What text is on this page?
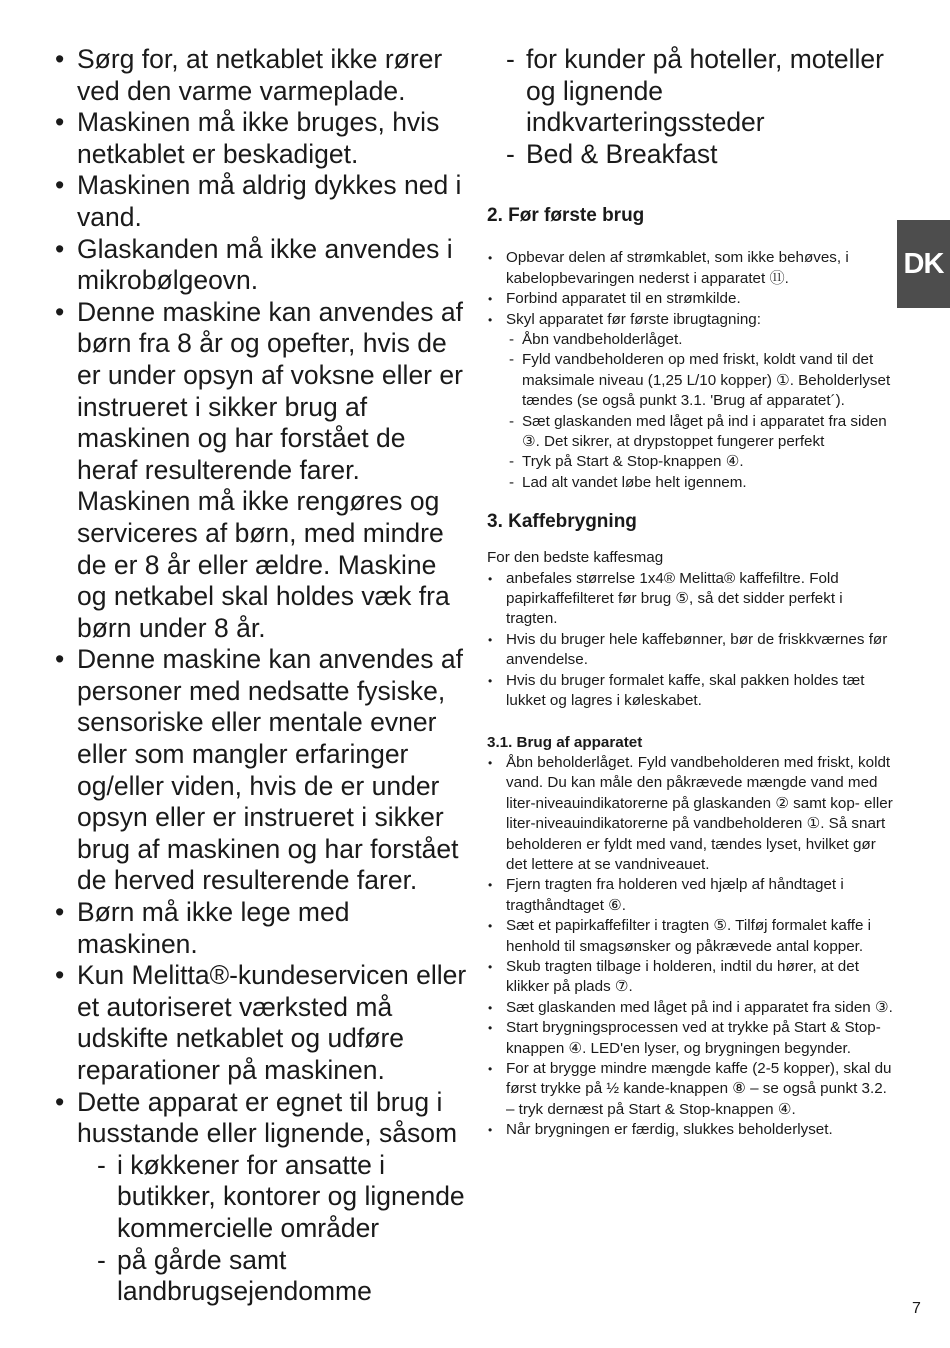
• Sørg for, at netkablet ikke rører ved den varme varmeplade.
• Maskinen må ikke bruges, hvis netkablet er beskadiget.
• Maskinen må aldrig dykkes ned i vand.
• Glaskanden må ikke anvendes i mikrobølgeovn.
• Denne maskine kan anvendes af børn fra 8 år og opefter, hvis de er under opsyn af voksne eller er instrueret i sikker brug af maskinen og har forstået de heraf resulterende farer. Maskinen må ikke rengøres og serviceres af børn, med mindre de er 8 år eller ældre. Maskine og netkabel skal holdes væk fra børn under 8 år.
• Denne maskine kan anvendes af personer med nedsatte fysiske, sensoriske eller mentale evner eller som mangler erfaringer og/eller viden, hvis de er under opsyn eller er instrueret i sikker brug af maskinen og har forstået de herved resulterende farer.
• Børn må ikke lege med maskinen.
• Kun Melitta®-kundeservicen eller et autoriseret værksted må udskifte netkablet og udføre reparationer på maskinen.
• Dette apparat er egnet til brug i husstande eller lignende, såsom
- i køkkener for ansatte i butikker, kontorer og lignende kommercielle områder
- på gårde samt landbrugsejendomme
- for kunder på hoteller, moteller og lignende indkvarteringssteder
- Bed & Breakfast
2. Før første brug
• Opbevar delen af strømkablet, som ikke behøves, i kabelopbevaringen nederst i apparatet ⑪.
• Forbind apparatet til en strømkilde.
• Skyl apparatet før første ibrugtagning:
- Åbn vandbeholderlåget.
- Fyld vandbeholderen op med friskt, koldt vand til det maksimale niveau (1,25 L/10 kopper) ①. Beholderlyset tændes (se også punkt 3.1. 'Brug af apparatet´).
- Sæt glaskanden med låget på ind i apparatet fra siden ③. Det sikrer, at drypstoppet fungerer perfekt
- Tryk på Start & Stop-knappen ④.
- Lad alt vandet løbe helt igennem.
3. Kaffebrygning

For den bedste kaffesmag

• anbefales størrelse 1x4® Melitta® kaffefiltre. Fold papirkaffefilteret før brug ⑤, så det sidder perfekt i tragten.
• Hvis du bruger hele kaffebønner, bør de friskkværnes før anvendelse.
• Hvis du bruger formalet kaffe, skal pakken holdes tæt lukket og lagres i køleskabet.
3.1. Brug af apparatet
• Åbn beholderlåget. Fyld vandbeholderen med friskt, koldt vand. Du kan måle den påkrævede mængde vand med liter-niveauindikatorerne på glaskanden ② samt kop- eller liter-niveauindikatorerne på vandbeholderen ①. Så snart beholderen er fyldt med vand, tændes lyset, hvilket gør det lettere at se vandniveauet.
• Fjern tragten fra holderen ved hjælp af håndtaget i tragthåndtaget ⑥.
• Sæt et papirkaffefilter i tragten ⑤. Tilføj formalet kaffe i henhold til smagsønsker og påkrævede antal kopper.
• Skub tragten tilbage i holderen, indtil du hører, at det klikker på plads ⑦.
• Sæt glaskanden med låget på ind i apparatet fra siden ③.
• Start brygningsprocessen ved at trykke på Start & Stop-knappen ④. LED'en lyser, og brygningen begynder.
• For at brygge mindre mængde kaffe (2-5 kopper), skal du først trykke på ½ kande-knappen ⑧ – se også punkt 3.2. – tryk dernæst på Start & Stop-knappen ④.
• Når brygningen er færdig, slukkes beholderlyset.
DK
7
